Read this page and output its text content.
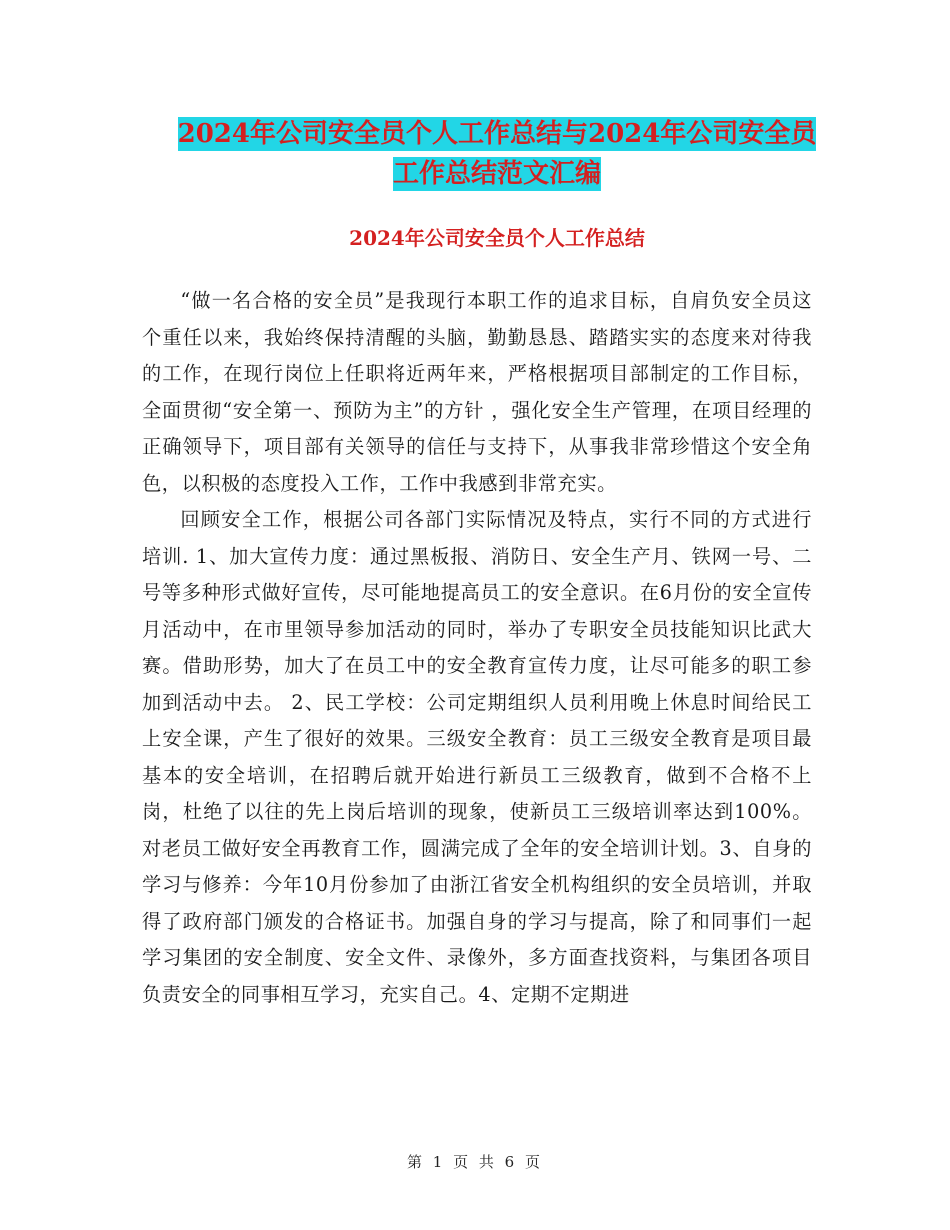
2024年公司安全员个人工作总结与2024年公司安全员
工作总结范文汇编
2024年公司安全员个人工作总结

“做一名合格的安全员”是我现行本职工作的追求目标，自肩负安全员这个重任以来，我始终保持清醒的头脑，勤勤恳恳、踏踏实实的态度来对待我的工作，在现行岗位上任职将近两年来，严格根据项目部制定的工作目标，全面贯彻“安全第一、预防为主”的方针 ，强化安全生产管理，在项目经理的正确领导下，项目部有关领导的信任与支持下，从事我非常珍惜这个安全角色，以积极的态度投入工作，工作中我感到非常充实。

回顾安全工作，根据公司各部门实际情况及特点，实行不同的方式进行培训. 1、加大宣传力度：通过黑板报、消防日、安全生产月、铁网一号、二号等多种形式做好宣传，尽可能地提高员工的安全意识。在6月份的安全宣传月活动中，在市里领导参加活动的同时，举办了专职安全员技能知识比武大赛。借助形势，加大了在员工中的安全教育宣传力度，让尽可能多的职工参加到活动中去。 2、民工学校：公司定期组织人员利用晚上休息时间给民工上安全课，产生了很好的效果。三级安全教育：员工三级安全教育是项目最基本的安全培训，在招聘后就开始进行新员工三级教育，做到不合格不上岗，杜绝了以往的先上岗后培训的现象，使新员工三级培训率达到100%。对老员工做好安全再教育工作，圆满完成了全年的安全培训计划。3、自身的学习与修养：今年10月份参加了由浙江省安全机构组织的安全员培训，并取得了政府部门颁发的合格证书。加强自身的学习与提高，除了和同事们一起学习集团的安全制度、安全文件、录像外，多方面查找资料，与集团各项目负责安全的同事相互学习，充实自己。4、定期不定期进

第 1 页 共 6 页
